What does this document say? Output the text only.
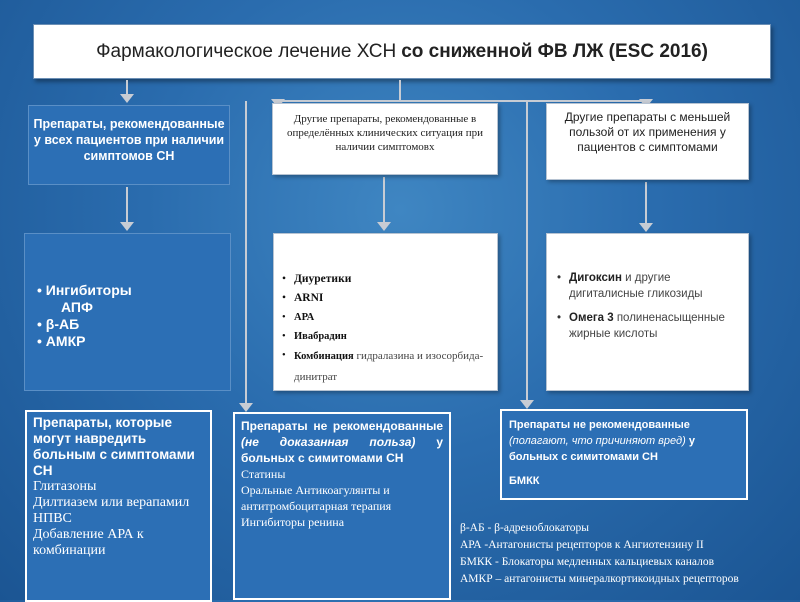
Фармакологическое лечение ХСН со сниженной ФВ ЛЖ (ESC 2016)
Препараты, рекомендованные у всех пациентов при наличии симптомов СН
Другие препараты, рекомендованные в определённых клинических ситуация при наличии симптомовх
Другие препараты с меньшей пользой от их применения у пациентов с симптомами
• Ингибиторы
АПФ
• β-АБ
• АМКР
• Диуретики
• ARNI
• АРА
• Ивабрадин
• Комбинация гидралазина и изосорбида-динитрат
• Дигоксин и другие дигиталисные гликозиды
• Омега 3 полиненасыщенные жирные кислоты
Препараты, которые могут навредить больным с симптомами СН
Глитазоны
Дилтиазем или верапамил
НПВС
Добавление АРА к комбинации
Препараты не рекомендованные (не доказанная польза) у больных с симитомами СН
Статины
Оральные Антикоагулянты и антитромбоцитарная терапия
Ингибиторы ренина
Препараты не рекомендованные (полагают, что причиняют вред) у больных с симитомами СН
БМКК
β-АБ - β-адреноблокаторы
АРА -Антагонисты рецепторов к Ангиотензину II
БМКК - Блокаторы медленных кальциевых каналов
АМКР – антагонисты минералкортикоидных рецепторов
